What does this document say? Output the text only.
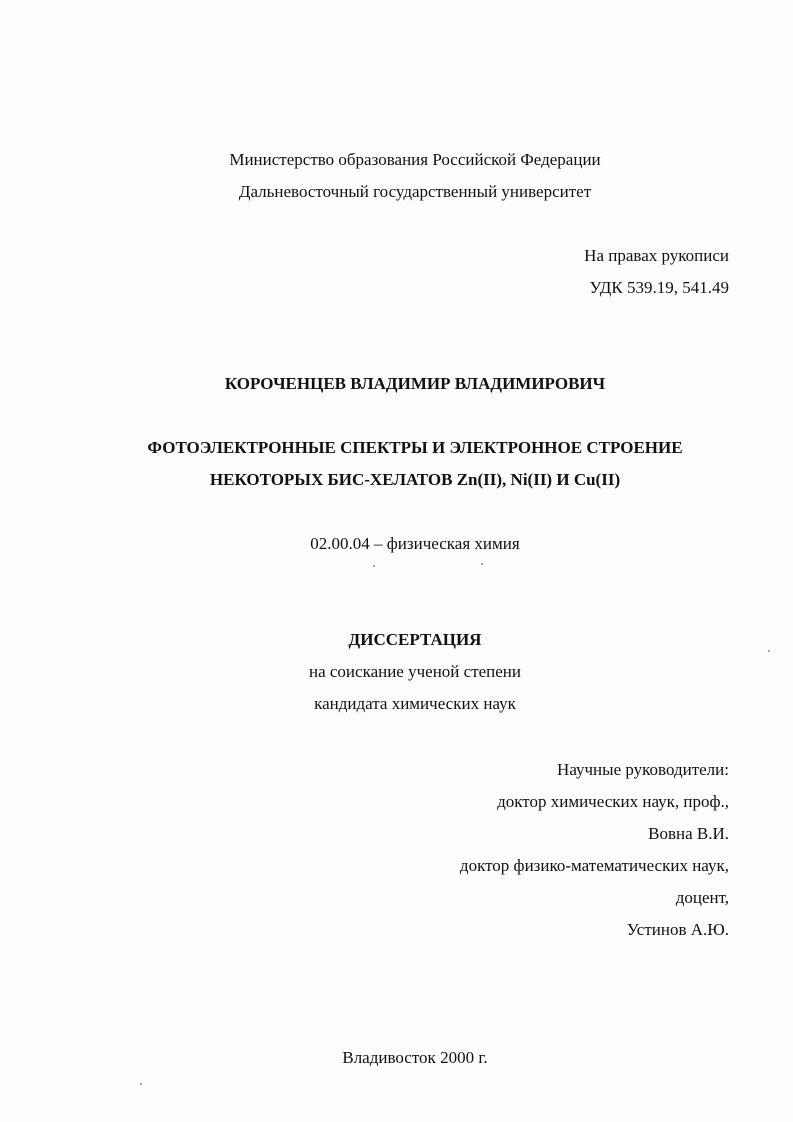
Министерство образования Российской Федерации
Дальневосточный государственный университет
На правах рукописи
УДК 539.19, 541.49
КОРОЧЕНЦЕВ ВЛАДИМИР ВЛАДИМИРОВИЧ
ФОТОЭЛЕКТРОННЫЕ СПЕКТРЫ И ЭЛЕКТРОННОЕ СТРОЕНИЕ
НЕКОТОРЫХ БИС-ХЕЛАТОВ Zn(II), Ni(II) И Cu(II)
02.00.04 – физическая химия
ДИССЕРТАЦИЯ
на соискание ученой степени
кандидата химических наук
Научные руководители:
доктор химических наук, проф.,
Вовна В.И.
доктор физико-математических наук,
доцент,
Устинов А.Ю.
Владивосток 2000 г.
